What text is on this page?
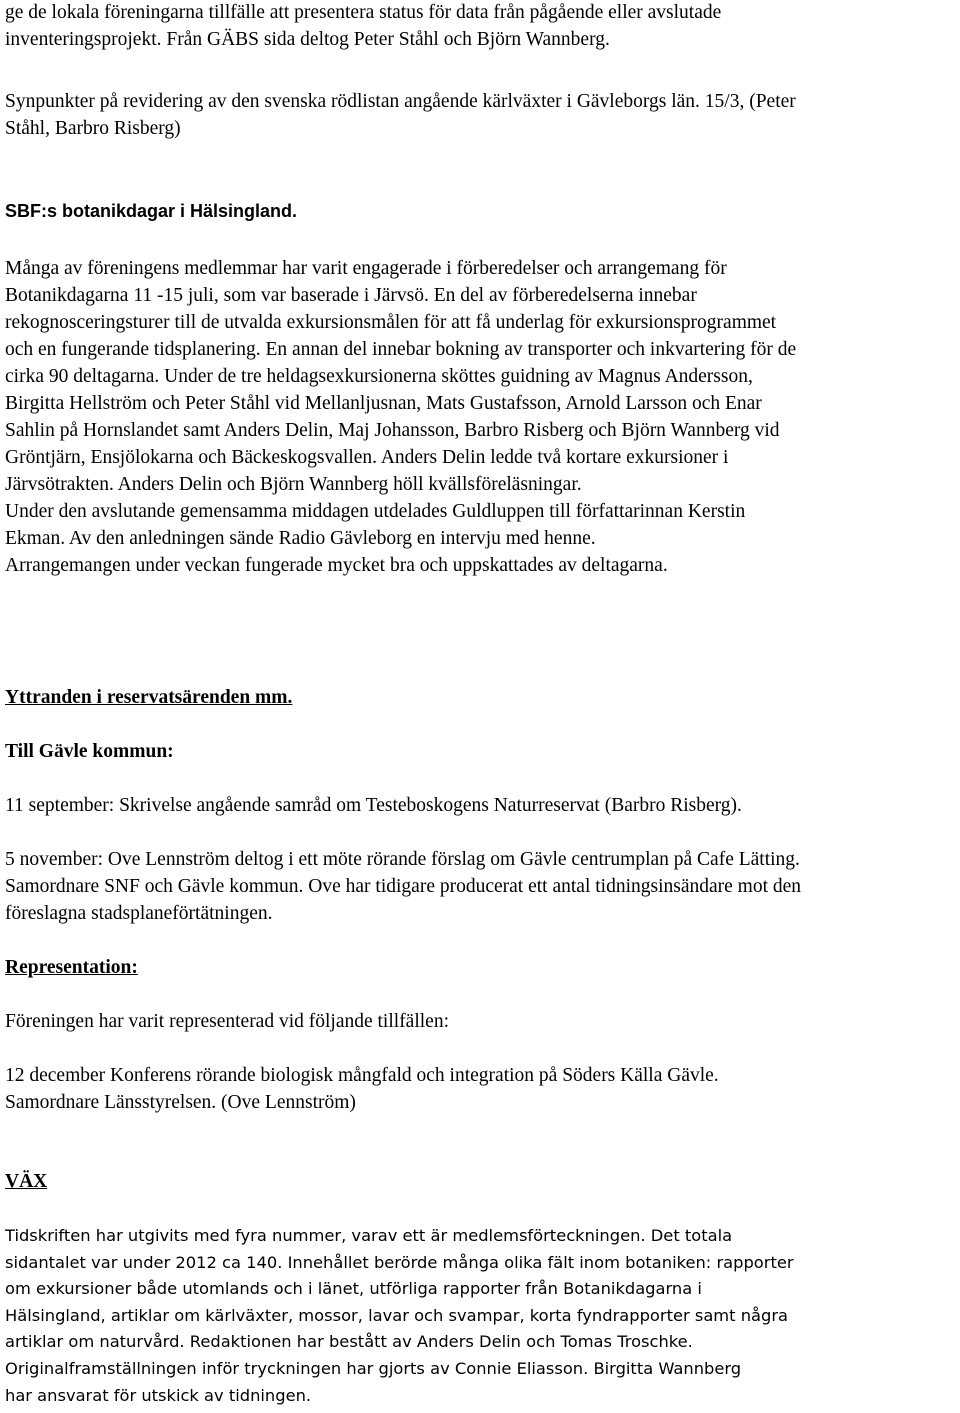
ge de lokala föreningarna tillfälle att presentera status för data från pågående eller avslutade
inventeringsprojekt. Från GÄBS sida deltog Peter Ståhl och Björn Wannberg.

Synpunkter på revidering av den svenska rödlistan angående kärlväxter i Gävleborgs län. 15/3, (Peter
Ståhl, Barbro Risberg)

SBF:s botanikdagar i Hälsingland.

Många av föreningens medlemmar har varit engagerade i förberedelser och arrangemang för
Botanikdagarna 11 -15 juli, som var baserade i Järvsö. En del av förberedelserna innebar
rekognosceringsturer till de utvalda exkursionsmålen för att få underlag för exkursionsprogrammet
och en fungerande tidsplanering. En annan del innebar bokning av transporter och inkvartering för de
cirka 90 deltagarna. Under de tre heldagsexkursionerna sköttes guidning av Magnus Andersson,
Birgitta Hellström och Peter Ståhl vid Mellanljusnan, Mats Gustafsson, Arnold Larsson och Enar
Sahlin på Hornslandet samt Anders Delin, Maj Johansson, Barbro Risberg och Björn Wannberg vid
Gröntjärn, Ensjölokarna och Bäckeskogsvallen. Anders Delin ledde två kortare exkursioner i
Järvsötrakten. Anders Delin och Björn Wannberg höll kvällsföreläsningar.
Under den avslutande gemensamma middagen utdelades Guldluppen till författarinnan Kerstin
Ekman. Av den anledningen sände Radio Gävleborg en intervju med henne.
Arrangemangen under veckan fungerade mycket bra och uppskattades av deltagarna.

Yttranden i reservatsärenden mm.

Till Gävle kommun:

11 september: Skrivelse angående samråd om Testeboskogens Naturreservat (Barbro Risberg).

5 november: Ove Lennström deltog i ett möte rörande förslag om Gävle centrumplan på Cafe Lätting.
Samordnare SNF och Gävle kommun. Ove har tidigare producerat ett antal tidningsinsändare mot den
föreslagna stadsplaneförtätningen.

Representation:

Föreningen har varit representerad vid följande tillfällen:

12 december Konferens rörande biologisk mångfald och integration på Söders Källa Gävle.
Samordnare Länsstyrelsen. (Ove Lennström)

VÄX

Tidskriften har utgivits med fyra nummer, varav ett är medlemsförteckningen. Det totala
sidantalet var under 2012 ca 140. Innehållet berörde många olika fält inom botaniken: rapporter
om exkursioner både utomlands och i länet, utförliga rapporter från Botanikdagarna i
Hälsingland, artiklar om kärlväxter, mossor, lavar och svampar, korta fyndrapporter samt några
artiklar om naturvård. Redaktionen har bestått av Anders Delin och Tomas Troschke.
Originalframställningen inför tryckningen har gjorts av Connie Eliasson. Birgitta Wannberg
har ansvarat för utskick av tidningen.
